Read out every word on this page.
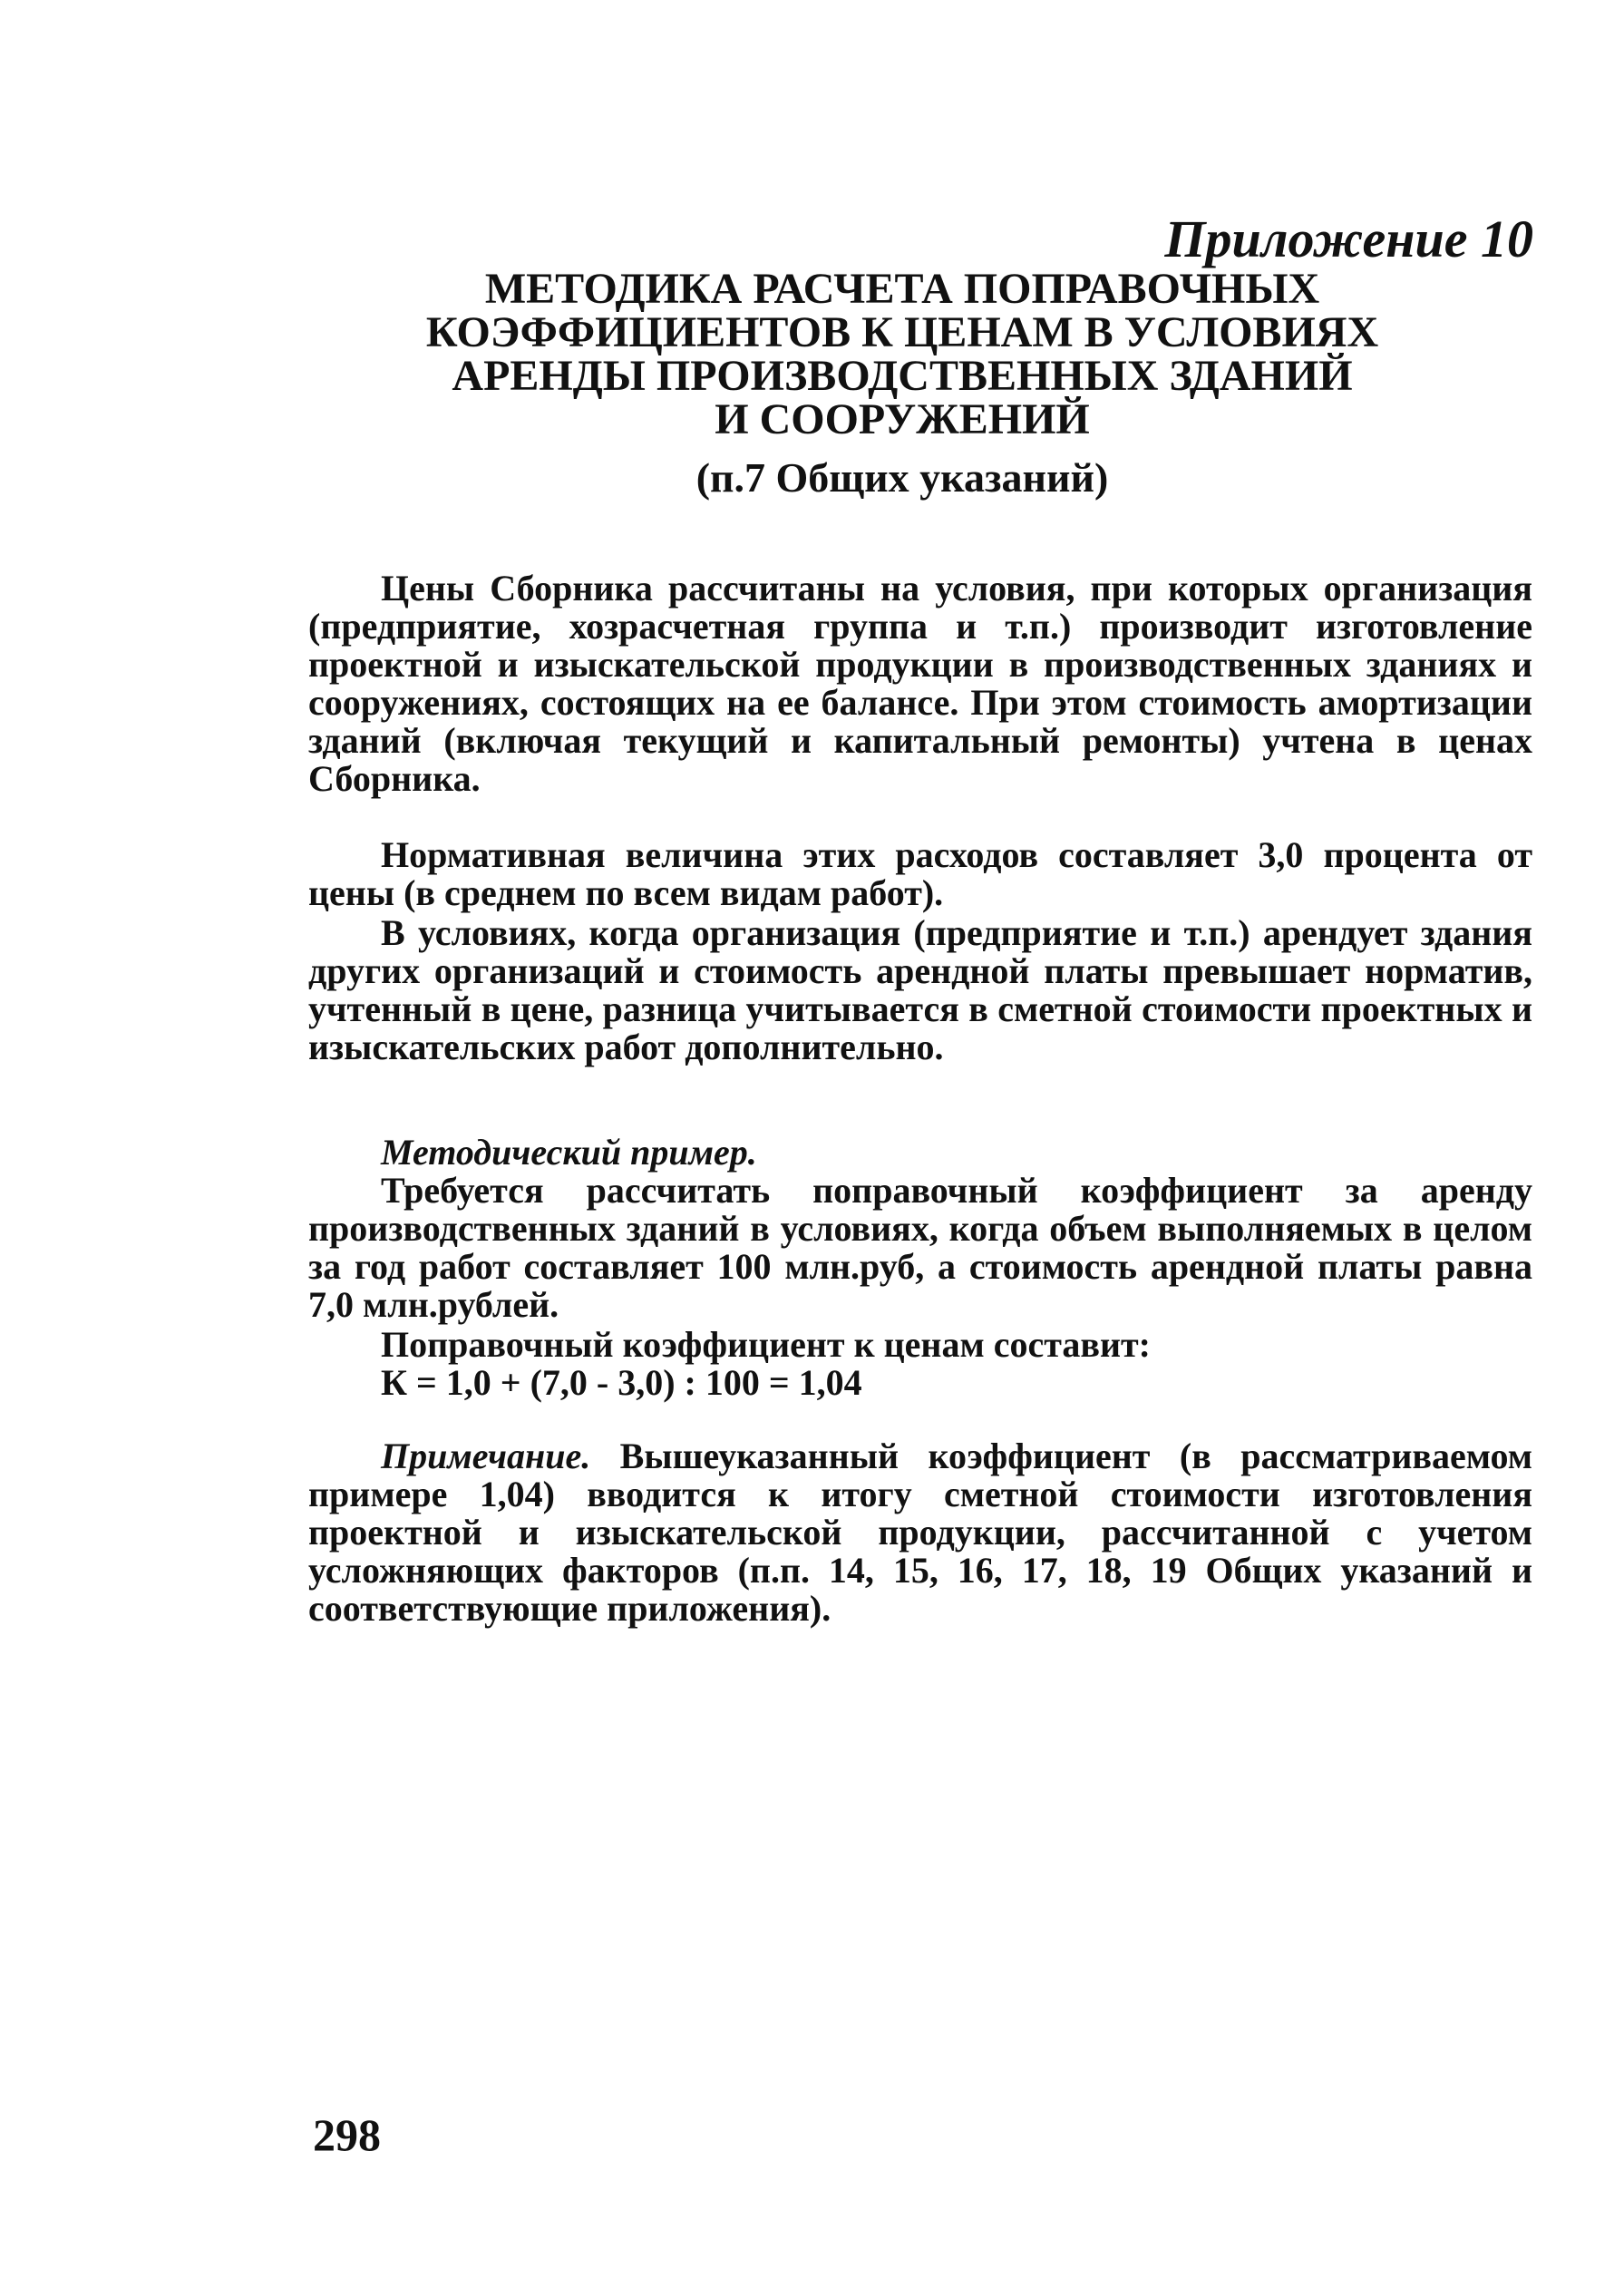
Приложение 10
МЕТОДИКА РАСЧЕТА ПОПРАВОЧНЫХ
КОЭФФИЦИЕНТОВ К ЦЕНАМ В УСЛОВИЯХ
АРЕНДЫ ПРОИЗВОДСТВЕННЫХ ЗДАНИЙ
И СООРУЖЕНИЙ
(п.7 Общих указаний)

Цены Сборника рассчитаны на условия, при которых организация (предприятие, хозрасчетная группа и т.п.) производит изготовление проектной и изыскательской продукции в производственных зданиях и сооружениях, состоящих на ее балансе. При этом стоимость амортизации зданий (включая текущий и капитальный ремонты) учтена в ценах Сборника.

Нормативная величина этих расходов составляет 3,0 процента от цены (в среднем по всем видам работ).

В условиях, когда организация (предприятие и т.п.) арендует здания других организаций и стоимость арендной платы превышает норматив, учтенный в цене, разница учитывается в сметной стоимости проектных и изыскательских работ дополнительно.

Методический пример.

Требуется рассчитать поправочный коэффициент за аренду производственных зданий в условиях, когда объем выполняемых в целом за год работ составляет 100 млн.руб, а стоимость арендной платы равна 7,0 млн.рублей.

Поправочный коэффициент к ценам составит:

К = 1,0 + (7,0 - 3,0) : 100 = 1,04

Примечание. Вышеуказанный коэффициент (в рассматриваемом примере 1,04) вводится к итогу сметной стоимости изготовления проектной и изыскательской продукции, рассчитанной с учетом усложняющих факторов (п.п. 14, 15, 16, 17, 18, 19 Общих указаний и соответствующие приложения).

298
